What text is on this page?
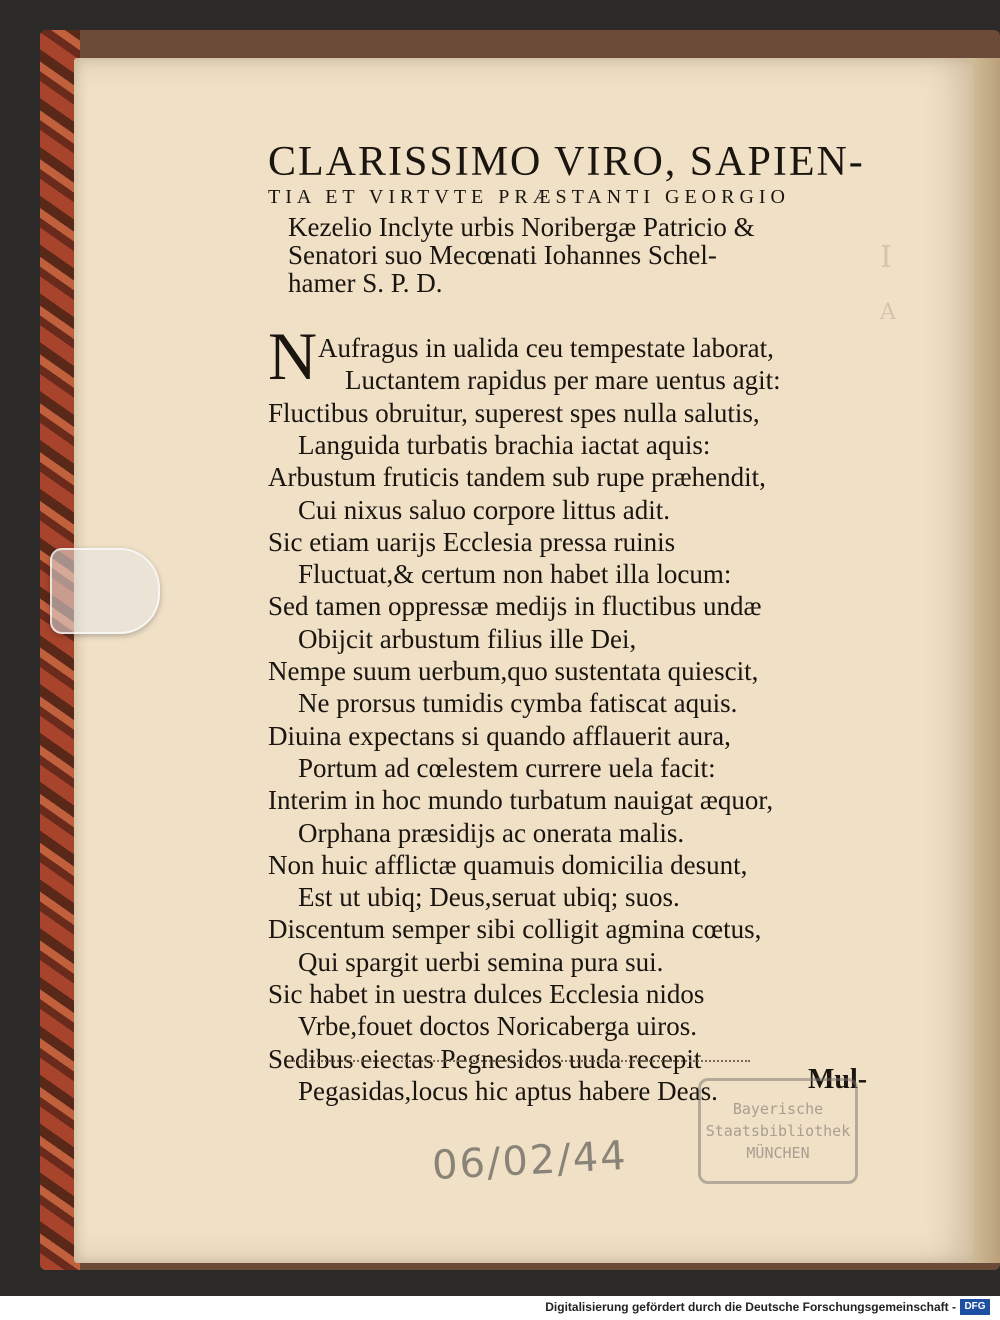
I
A
CLARISSIMO VIRO, SAPIEN-
TIA ET VIRTVTE PRÆSTANTI GEORGIO
Kezelio Inclyte urbis Noribergæ Patricio &
Senatori suo Mecœnati Iohannes Schel-
hamer S. P. D.
N Aufragus in ualida ceu tempestate laborat,
Luctantem rapidus per mare uentus agit:
Fluctibus obruitur, superest spes nulla salutis,
Languida turbatis brachia iactat aquis:
Arbustum fruticis tandem sub rupe præhendit,
Cui nixus saluo corpore littus adit.
Sic etiam uarijs Ecclesia pressa ruinis
Fluctuat,& certum non habet illa locum:
Sed tamen oppressæ medijs in fluctibus undæ
Obijcit arbustum filius ille Dei,
Nempe suum uerbum,quo sustentata quiescit,
Ne prorsus tumidis cymba fatiscat aquis.
Diuina expectans si quando afflauerit aura,
Portum ad cœlestem currere uela facit:
Interim in hoc mundo turbatum nauigat æquor,
Orphana præsidijs ac onerata malis.
Non huic afflictæ quamuis domicilia desunt,
Est ut ubiq; Deus,seruat ubiq; suos.
Discentum semper sibi colligit agmina cœtus,
Qui spargit uerbi semina pura sui.
Sic habet in uestra dulces Ecclesia nidos
Vrbe,fouet doctos Noricaberga uiros.
Sedibus eiectas Pegnesidos uuda recepit
Pegasidas,locus hic aptus habere Deas.	Mul-
06/02/44
Bayerische
Staatsbibliothek
MÜNCHEN
Digitalisierung gefördert durch die Deutsche Forschungsgemeinschaft - DFG
